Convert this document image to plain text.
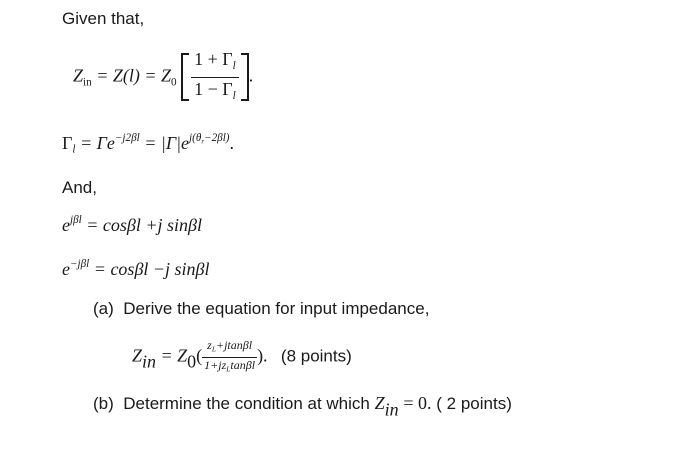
Given that,
$Z_{in} = Z(l) = Z_0 \frac{1 + \Gamma_l}{1 - \Gamma_l}$ .
$\Gamma_l = \Gamma e^{-j2\beta l} = |\Gamma|e^{j(\theta_r-2\beta l)}$.
And,
$e^{j\beta l} = \cos\beta l +j$ sinβl
$e^{-j\beta l} = \cos\beta l -j$ sinβl
(a) Derive the equation for input impedance,
$Z_{in} = Z_0( \frac{z_L+jtan\beta l}{1+jz_L\tan\beta l}$ ). (8 points)
(b) Determine the condition at which $Z_{in} = 0$. ( 2 points)
